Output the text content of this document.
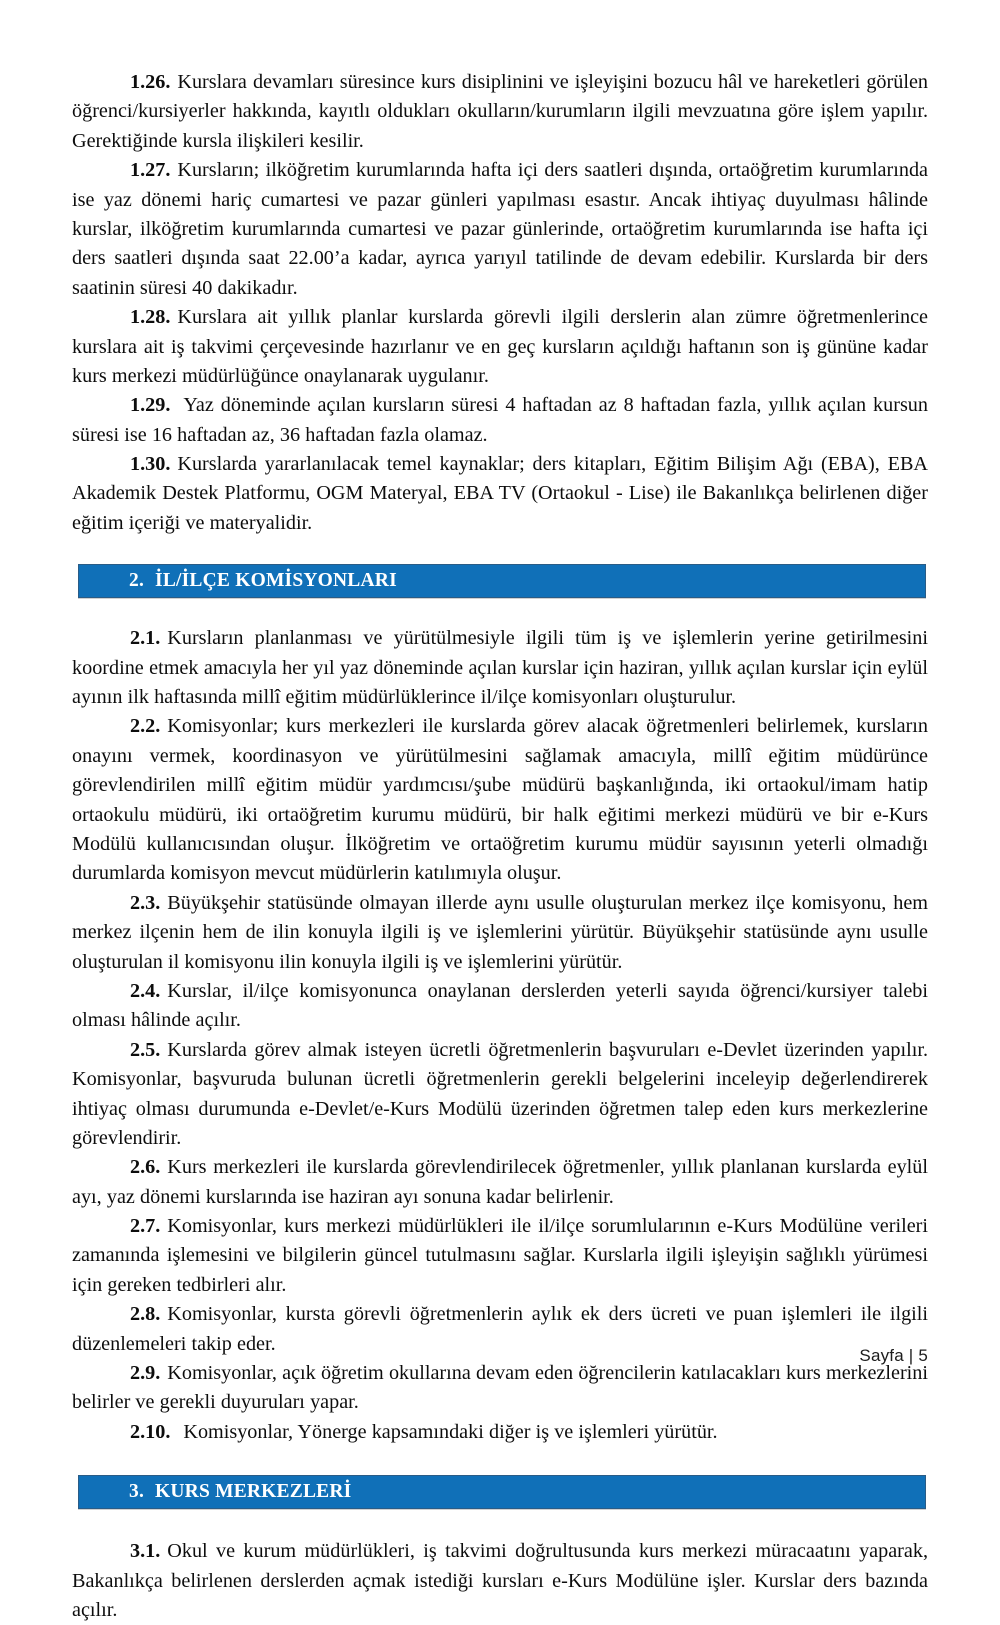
1.26. Kurslara devamları süresince kurs disiplinini ve işleyişini bozucu hâl ve hareketleri görülen öğrenci/kursiyerler hakkında, kayıtlı oldukları okulların/kurumların ilgili mevzuatına göre işlem yapılır. Gerektiğinde kursla ilişkileri kesilir.

1.27. Kursların; ilköğretim kurumlarında hafta içi ders saatleri dışında, ortaöğretim kurumlarında ise yaz dönemi hariç cumartesi ve pazar günleri yapılması esastır. Ancak ihtiyaç duyulması hâlinde kurslar, ilköğretim kurumlarında cumartesi ve pazar günlerinde, ortaöğretim kurumlarında ise hafta içi ders saatleri dışında saat 22.00’a kadar, ayrıca yarıyıl tatilinde de devam edebilir. Kurslarda bir ders saatinin süresi 40 dakikadır.

1.28. Kurslara ait yıllık planlar kurslarda görevli ilgili derslerin alan zümre öğretmenlerince kurslara ait iş takvimi çerçevesinde hazırlanır ve en geç kursların açıldığı haftanın son iş gününe kadar kurs merkezi müdürlüğünce onaylanarak uygulanır.

1.29. Yaz döneminde açılan kursların süresi 4 haftadan az 8 haftadan fazla, yıllık açılan kursun süresi ise 16 haftadan az, 36 haftadan fazla olamaz.

1.30. Kurslarda yararlanılacak temel kaynaklar; ders kitapları, Eğitim Bilişim Ağı (EBA), EBA Akademik Destek Platformu, OGM Materyal, EBA TV (Ortaokul - Lise) ile Bakanlıkça belirlenen diğer eğitim içeriği ve materyalidir.

2. İL/İLÇE KOMİSYONLARI

2.1. Kursların planlanması ve yürütülmesiyle ilgili tüm iş ve işlemlerin yerine getirilmesini koordine etmek amacıyla her yıl yaz döneminde açılan kurslar için haziran, yıllık açılan kurslar için eylül ayının ilk haftasında millî eğitim müdürlüklerince il/ilçe komisyonları oluşturulur.

2.2. Komisyonlar; kurs merkezleri ile kurslarda görev alacak öğretmenleri belirlemek, kursların onayını vermek, koordinasyon ve yürütülmesini sağlamak amacıyla, millî eğitim müdürünce görevlendirilen millî eğitim müdür yardımcısı/şube müdürü başkanlığında, iki ortaokul/imam hatip ortaokulu müdürü, iki ortaöğretim kurumu müdürü, bir halk eğitimi merkezi müdürü ve bir e-Kurs Modülü kullanıcısından oluşur. İlköğretim ve ortaöğretim kurumu müdür sayısının yeterli olmadığı durumlarda komisyon mevcut müdürlerin katılımıyla oluşur.

2.3. Büyükşehir statüsünde olmayan illerde aynı usulle oluşturulan merkez ilçe komisyonu, hem merkez ilçenin hem de ilin konuyla ilgili iş ve işlemlerini yürütür. Büyükşehir statüsünde aynı usulle oluşturulan il komisyonu ilin konuyla ilgili iş ve işlemlerini yürütür.

2.4. Kurslar, il/ilçe komisyonunca onaylanan derslerden yeterli sayıda öğrenci/kursiyer talebi olması hâlinde açılır.

2.5. Kurslarda görev almak isteyen ücretli öğretmenlerin başvuruları e-Devlet üzerinden yapılır. Komisyonlar, başvuruda bulunan ücretli öğretmenlerin gerekli belgelerini inceleyip değerlendirerek ihtiyaç olması durumunda e-Devlet/e-Kurs Modülü üzerinden öğretmen talep eden kurs merkezlerine görevlendirir.

2.6. Kurs merkezleri ile kurslarda görevlendirilecek öğretmenler, yıllık planlanan kurslarda eylül ayı, yaz dönemi kurslarında ise haziran ayı sonuna kadar belirlenir.

2.7. Komisyonlar, kurs merkezi müdürlükleri ile il/ilçe sorumlularının e-Kurs Modülüne verileri zamanında işlemesini ve bilgilerin güncel tutulmasını sağlar. Kurslarla ilgili işleyişin sağlıklı yürümesi için gereken tedbirleri alır.

2.8. Komisyonlar, kursta görevli öğretmenlerin aylık ek ders ücreti ve puan işlemleri ile ilgili düzenlemeleri takip eder.

2.9. Komisyonlar, açık öğretim okullarına devam eden öğrencilerin katılacakları kurs merkezlerini belirler ve gerekli duyuruları yapar.

2.10. Komisyonlar, Yönerge kapsamındaki diğer iş ve işlemleri yürütür.

3. KURS MERKEZLERİ

3.1. Okul ve kurum müdürlükleri, iş takvimi doğrultusunda kurs merkezi müracaatını yaparak, Bakanlıkça belirlenen derslerden açmak istediği kursları e-Kurs Modülüne işler. Kurslar ders bazında açılır.

Sayfa | 5
